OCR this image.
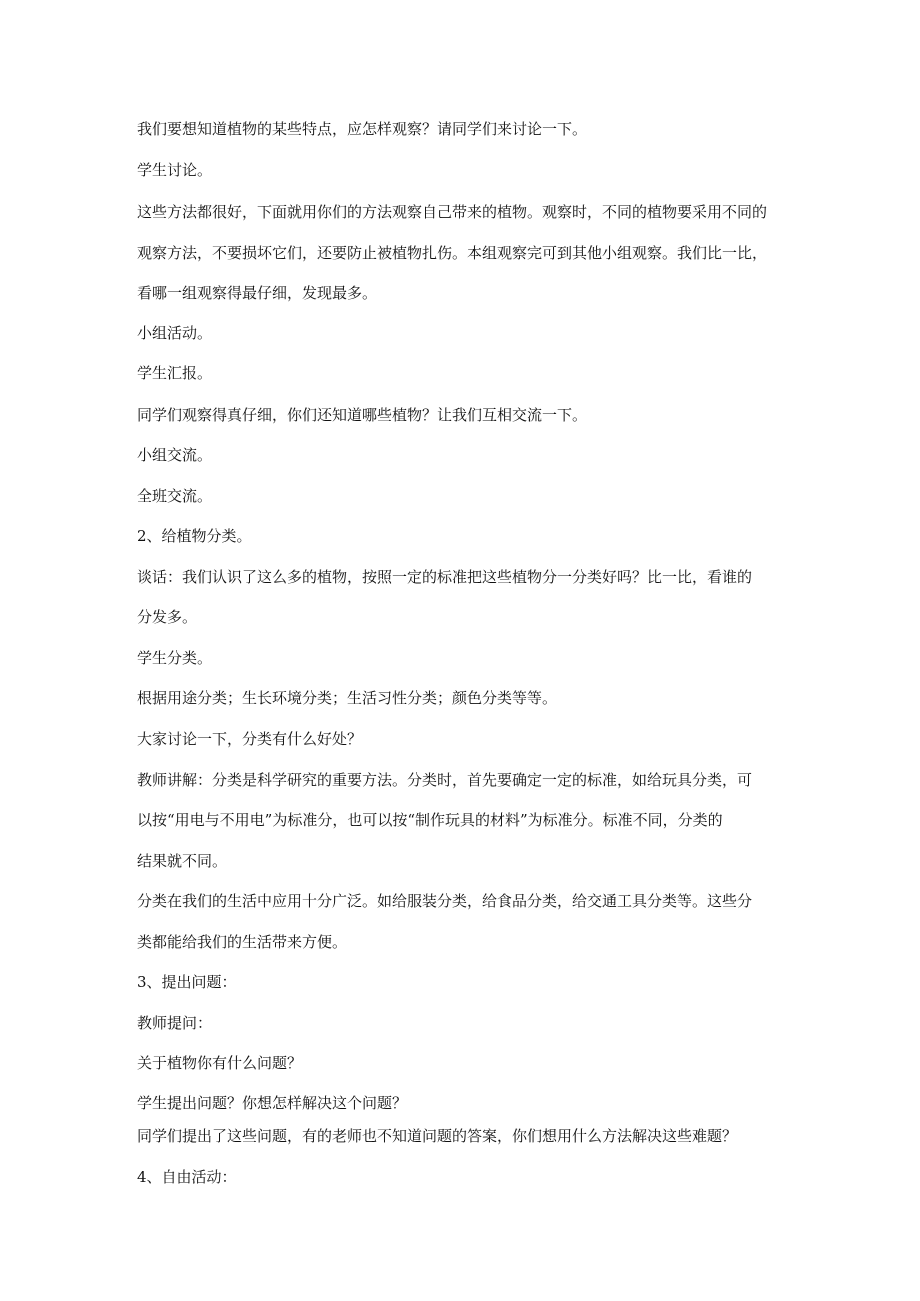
我们要想知道植物的某些特点，应怎样观察？请同学们来讨论一下。

学生讨论。

这些方法都很好，下面就用你们的方法观察自己带来的植物。观察时，不同的植物要采用不同的

观察方法，不要损坏它们，还要防止被植物扎伤。本组观察完可到其他小组观察。我们比一比，

看哪一组观察得最仔细，发现最多。

小组活动。

学生汇报。

同学们观察得真仔细，你们还知道哪些植物？让我们互相交流一下。

小组交流。

全班交流。

2、给植物分类。

谈话：我们认识了这么多的植物，按照一定的标准把这些植物分一分类好吗？比一比，看谁的

分发多。

学生分类。

根据用途分类；生长环境分类；生活习性分类；颜色分类等等。

大家讨论一下，分类有什么好处？

教师讲解：分类是科学研究的重要方法。分类时，首先要确定一定的标准，如给玩具分类，可

以按“用电与不用电”为标准分，也可以按“制作玩具的材料”为标准分。标准不同，分类的

结果就不同。

分类在我们的生活中应用十分广泛。如给服装分类，给食品分类，给交通工具分类等。这些分

类都能给我们的生活带来方便。

3、提出问题：

教师提问：

关于植物你有什么问题？

学生提出问题？你想怎样解决这个问题？

同学们提出了这些问题，有的老师也不知道问题的答案，你们想用什么方法解决这些难题？

4、自由活动：
